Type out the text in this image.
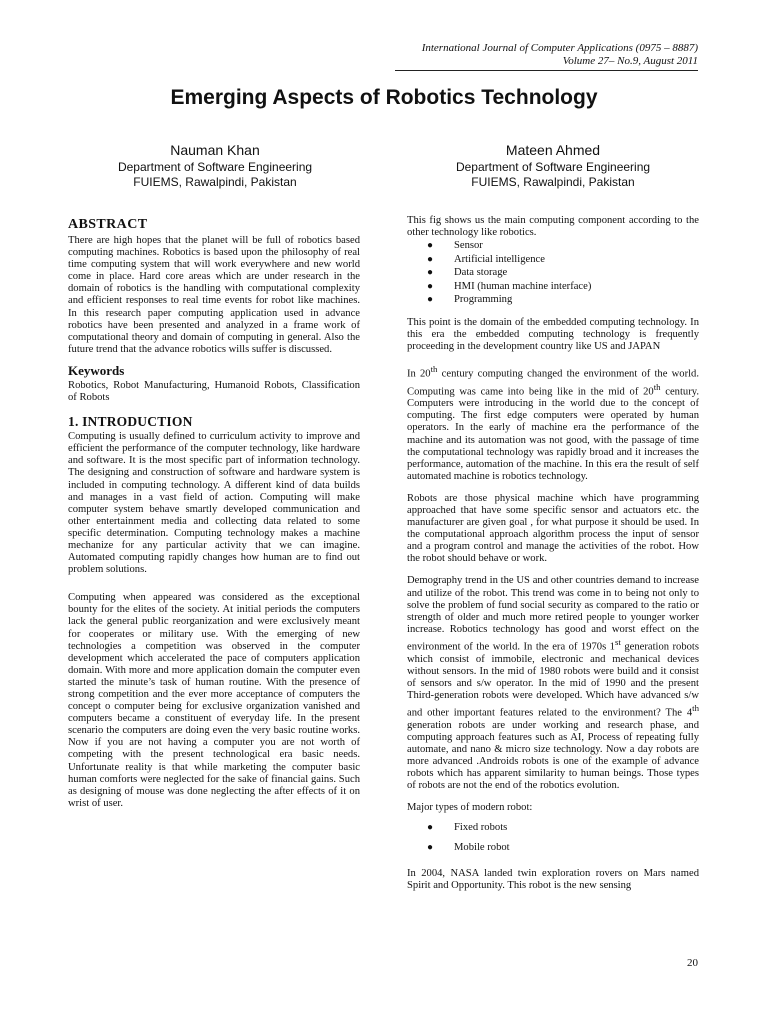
International Journal of Computer Applications (0975 – 8887)
Volume 27– No.9, August 2011
Emerging Aspects of Robotics Technology
Nauman Khan
Department of Software Engineering
FUIEMS, Rawalpindi, Pakistan
Mateen Ahmed
Department of Software Engineering
FUIEMS, Rawalpindi, Pakistan
ABSTRACT

There are high hopes that the planet will be full of robotics based computing machines. Robotics is based upon the philosophy of real time computing system that will work everywhere and new world come in place. Hard core areas which are under research in the domain of robotics is the handling with computational complexity and efficient responses to real time events for robot like machines. In this research paper computing application used in advance robotics have been presented and analyzed in a frame work of computational theory and domain of computing in general. Also the future trend that the advance robotics wills suffer is discussed.

Keywords

Robotics, Robot Manufacturing, Humanoid Robots, Classification of Robots

1. INTRODUCTION

Computing is usually defined to curriculum activity to improve and efficient the performance of the computer technology, like hardware and software. It is the most specific part of information technology. The designing and construction of software and hardware system is included in computing technology. A different kind of data builds and manages in a vast field of action. Computing will make computer system behave smartly developed communication and other entertainment media and collecting data related to some specific determination. Computing technology makes a machine mechanize for any particular activity that we can imagine. Automated computing rapidly changes how human are to find out problem solutions.

Computing when appeared was considered as the exceptional bounty for the elites of the society. At initial periods the computers lack the general public reorganization and were exclusively meant for cooperates or military use. With the emerging of new technologies a competition was observed in the computer development which accelerated the pace of computers application domain. With more and more application domain the computer even started the minute’s task of human routine. With the presence of strong competition and the ever more acceptance of computers the concept o computer being for exclusive organization vanished and computers became a constituent of everyday life. In the present scenario the computers are doing even the very basic routine works. Now if you are not having a computer you are not worth of competing with the present technological era basic needs. Unfortunate reality is that while marketing the computer basic human comforts were neglected for the sake of financial gains. Such as designing of mouse was done neglecting the after effects of it on wrist of user.

This fig shows us the main computing component according to the other technology like robotics.

● Sensor
● Artificial intelligence
● Data storage
● HMI (human machine interface)
● Programming

This point is the domain of the embedded computing technology. In this era the embedded computing technology is frequently proceeding in the development country like US and JAPAN

In 20th century computing changed the environment of the world. Computing was came into being like in the mid of 20th century. Computers were introducing in the world due to the concept of computing. The first edge computers were operated by human operators. In the early of machine era the performance of the machine and its automation was not good, with the passage of time the computational technology was rapidly broad and it increases the performance, automation of the machine. In this era the result of self automated machine is robotics technology.

Robots are those physical machine which have programming approached that have some specific sensor and actuators etc. the manufacturer are given goal , for what purpose it should be used. In the computational approach algorithm process the input of sensor and a program control and manage the activities of the robot. How the robot should behave or work.

Demography trend in the US and other countries demand to increase and utilize of the robot. This trend was come in to being not only to solve the problem of fund social security as compared to the ratio or strength of older and much more retired people to younger worker increase. Robotics technology has good and worst effect on the environment of the world. In the era of 1970s 1st generation robots which consist of immobile, electronic and mechanical devices without sensors. In the mid of 1980 robots were build and it consist of sensors and s/w operator. In the mid of 1990 and the present Third-generation robots were developed. Which have advanced s/w and other important features related to the environment? The 4th generation robots are under working and research phase, and computing approach features such as AI, Process of repeating fully automate, and nano & micro size technology. Now a day robots are more advanced .Androids robots is one of the example of advance robots which has apparent similarity to human beings. Those types of robots are not the end of the robotics evolution.

Major types of modern robot:

● Fixed robots
● Mobile robot

In 2004, NASA landed twin exploration rovers on Mars named Spirit and Opportunity. This robot is the new sensing

20
